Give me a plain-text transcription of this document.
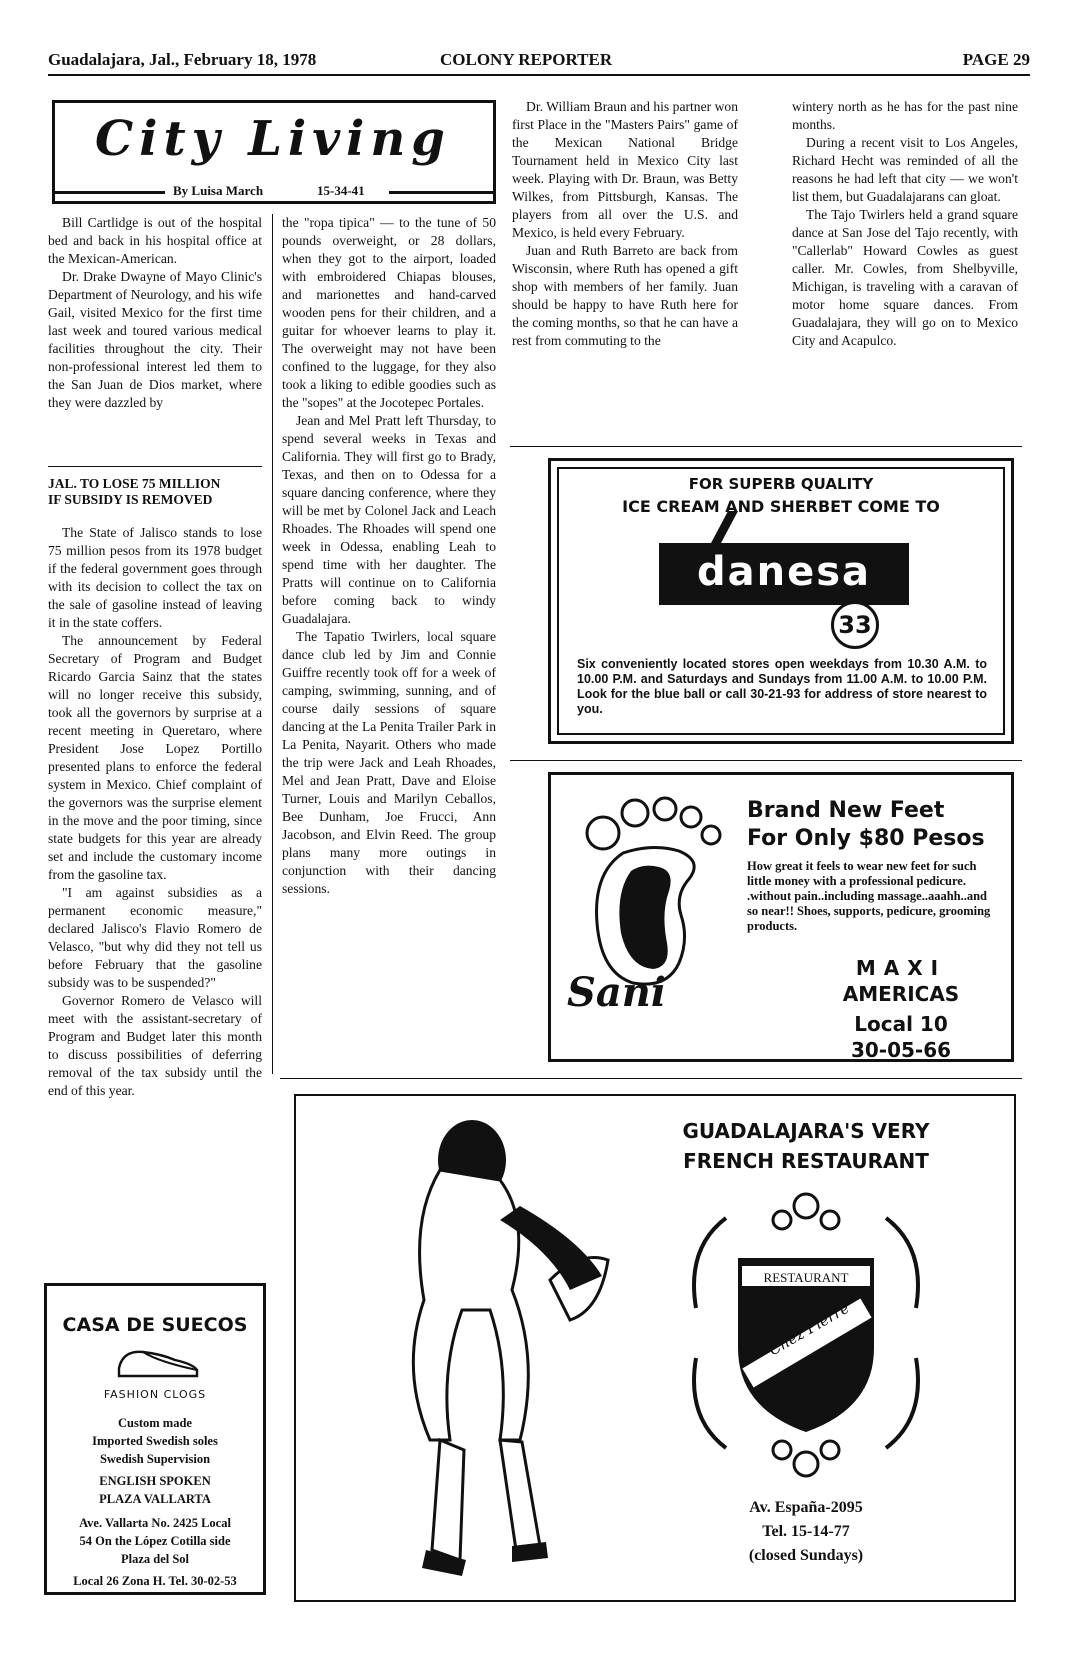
Guadalajara, Jal., February 18, 1978	COLONY REPORTER	PAGE 29
City Living
By Luisa March	15-34-41

Bill Cartlidge is out of the hospital bed and back in his hospital office at the Mexican-American.

Dr. Drake Dwayne of Mayo Clinic's Department of Neurology, and his wife Gail, visited Mexico for the first time last week and toured various medical facilities throughout the city. Their non-professional interest led them to the San Juan de Dios market, where they were dazzled by

JAL. TO LOSE 75 MILLION
IF SUBSIDY IS REMOVED

The State of Jalisco stands to lose 75 million pesos from its 1978 budget if the federal government goes through with its decision to collect the tax on the sale of gasoline instead of leaving it in the state coffers.

The announcement by Federal Secretary of Program and Budget Ricardo Garcia Sainz that the states will no longer receive this subsidy, took all the governors by surprise at a recent meeting in Queretaro, where President Jose Lopez Portillo presented plans to enforce the federal system in Mexico. Chief complaint of the governors was the surprise element in the move and the poor timing, since state budgets for this year are already set and include the customary income from the gasoline tax.

"I am against subsidies as a permanent economic measure," declared Jalisco's Flavio Romero de Velasco, "but why did they not tell us before February that the gasoline subsidy was to be suspended?"

Governor Romero de Velasco will meet with the assistant-secretary of Program and Budget later this month to discuss possibilities of deferring removal of the tax subsidy until the end of this year.

CASA DE SUECOS
FASHION CLOGS
Custom made
Imported Swedish soles
Swedish Supervision
ENGLISH SPOKEN
PLAZA VALLARTA
Ave. Vallarta No. 2425 Local
54 On the López Cotilla side
Plaza del Sol
Local 26 Zona H. Tel. 30-02-53

the "ropa tipica" — to the tune of 50 pounds overweight, or 28 dollars, when they got to the airport, loaded with embroidered Chiapas blouses, and marionettes and hand-carved wooden pens for their children, and a guitar for whoever learns to play it. The overweight may not have been confined to the luggage, for they also took a liking to edible goodies such as the "sopes" at the Jocotepec Portales.

Jean and Mel Pratt left Thursday, to spend several weeks in Texas and California. They will first go to Brady, Texas, and then on to Odessa for a square dancing conference, where they will be met by Colonel Jack and Leach Rhoades. The Rhoades will spend one week in Odessa, enabling Leah to spend time with her daughter. The Pratts will continue on to California before coming back to windy Guadalajara.

The Tapatio Twirlers, local square dance club led by Jim and Connie Guiffre recently took off for a week of camping, swimming, sunning, and of course daily sessions of square dancing at the La Penita Trailer Park in La Penita, Nayarit. Others who made the trip were Jack and Leah Rhoades, Mel and Jean Pratt, Dave and Eloise Turner, Louis and Marilyn Ceballos, Bee Dunham, Joe Frucci, Ann Jacobson, and Elvin Reed. The group plans many more outings in conjunction with their dancing sessions.

Dr. William Braun and his partner won first Place in the "Masters Pairs" game of the Mexican National Bridge Tournament held in Mexico City last week. Playing with Dr. Braun, was Betty Wilkes, from Pittsburgh, Kansas. The players from all over the U.S. and Mexico, is held every February.

Juan and Ruth Barreto are back from Wisconsin, where Ruth has opened a gift shop with members of her family. Juan should be happy to have Ruth here for the coming months, so that he can have a rest from commuting to the

wintery north as he has for the past nine months.

During a recent visit to Los Angeles, Richard Hecht was reminded of all the reasons he had left that city — we won't list them, but Guadalajarans can gloat.

The Tajo Twirlers held a grand square dance at San Jose del Tajo recently, with "Callerlab" Howard Cowles as guest caller. Mr. Cowles, from Shelbyville, Michigan, is traveling with a caravan of motor home square dances. From Guadalajara, they will go on to Mexico City and Acapulco.

FOR SUPERB QUALITY
ICE CREAM AND SHERBET COME TO
danesa
33
Six conveniently located stores open weekdays from 10.30 A.M. to 10.00 P.M. and Saturdays and Sundays from 11.00 A.M. to 10.00 P.M. Look for the blue ball or call 30-21-93 for address of store nearest to you.
Brand New Feet
For Only $80 Pesos
How great it feels to wear new feet for such little money with a professional pedicure. .without pain..including massage..aaahh..and so near!! Shoes, supports, pedicure, grooming products.
Sani
MAXI
AMERICAS
Local 10
30-05-66
GUADALAJARA'S VERY
FRENCH RESTAURANT
RESTAURANT
Chez Pierre
Av. España-2095
Tel. 15-14-77
(closed Sundays)
